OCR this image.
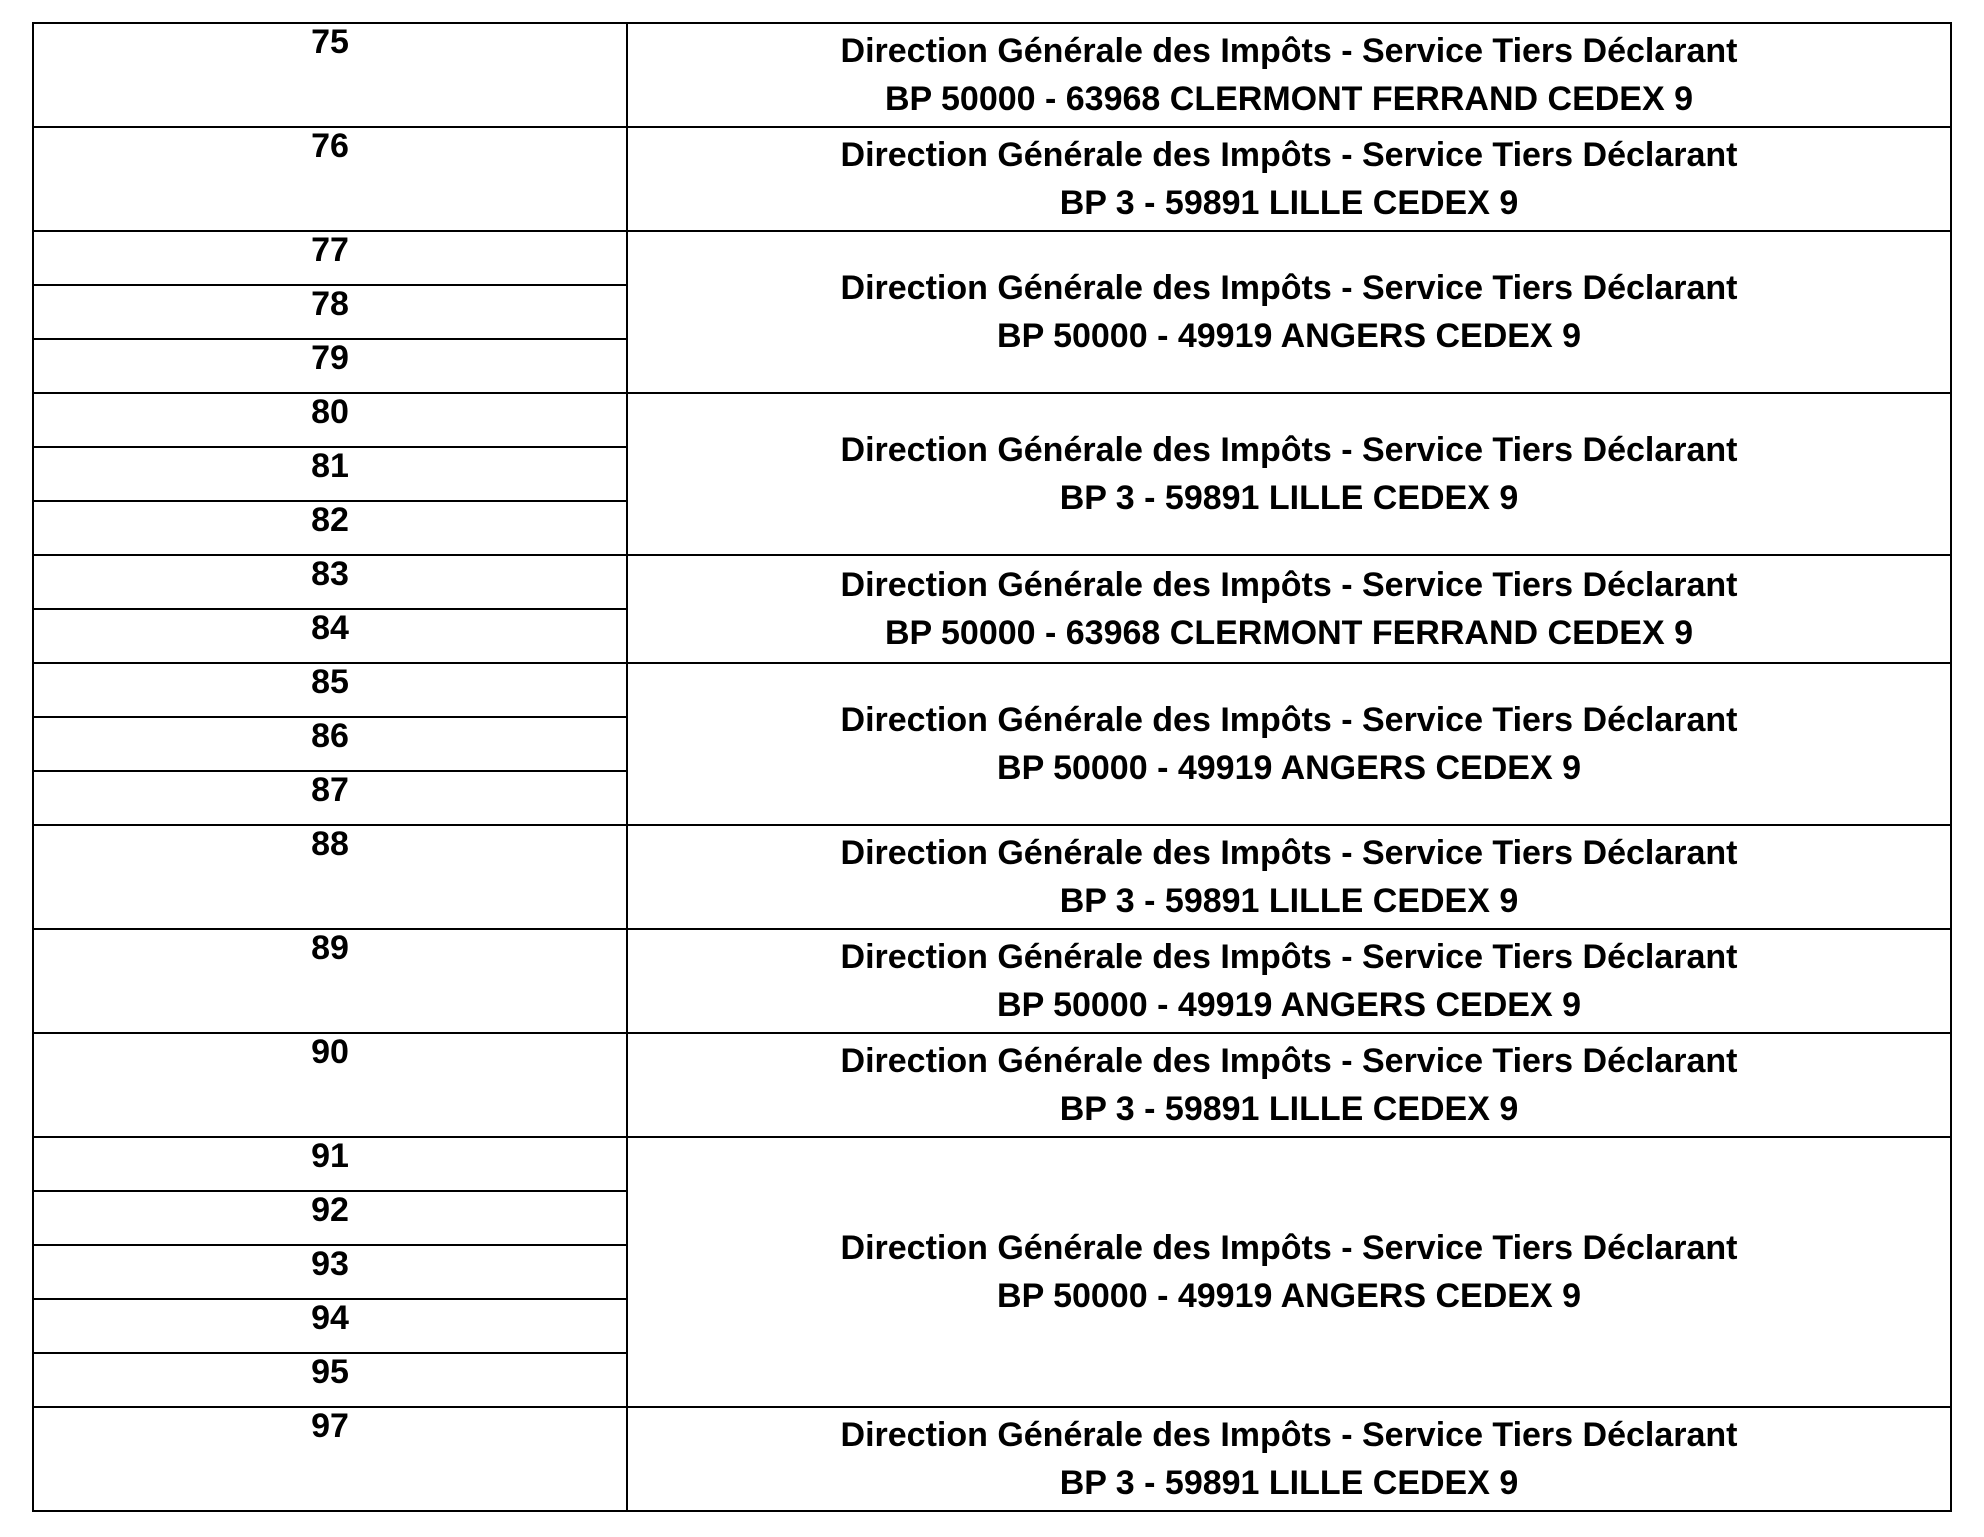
75	Direction Générale des Impôts - Service Tiers Déclarant
BP 50000 - 63968 CLERMONT FERRAND CEDEX 9

76	Direction Générale des Impôts - Service Tiers Déclarant
BP 3 - 59891 LILLE CEDEX 9

77	Direction Générale des Impôts - Service Tiers Déclarant
BP 50000 - 49919 ANGERS CEDEX 9

78	

79	

80	Direction Générale des Impôts - Service Tiers Déclarant
BP 3 - 59891 LILLE CEDEX 9

81	

82	

83	Direction Générale des Impôts - Service Tiers Déclarant
BP 50000 - 63968 CLERMONT FERRAND CEDEX 9

84	

85	Direction Générale des Impôts - Service Tiers Déclarant
BP 50000 - 49919 ANGERS CEDEX 9

86	

87	

88	Direction Générale des Impôts - Service Tiers Déclarant
BP 3 - 59891 LILLE CEDEX 9

89	Direction Générale des Impôts - Service Tiers Déclarant
BP 50000 - 49919 ANGERS CEDEX 9

90	Direction Générale des Impôts - Service Tiers Déclarant
BP 3 - 59891 LILLE CEDEX 9

91	Direction Générale des Impôts - Service Tiers Déclarant
BP 50000 - 49919 ANGERS CEDEX 9

92	

93	

94	

95	

97	Direction Générale des Impôts - Service Tiers Déclarant
BP 3 - 59891 LILLE CEDEX 9
